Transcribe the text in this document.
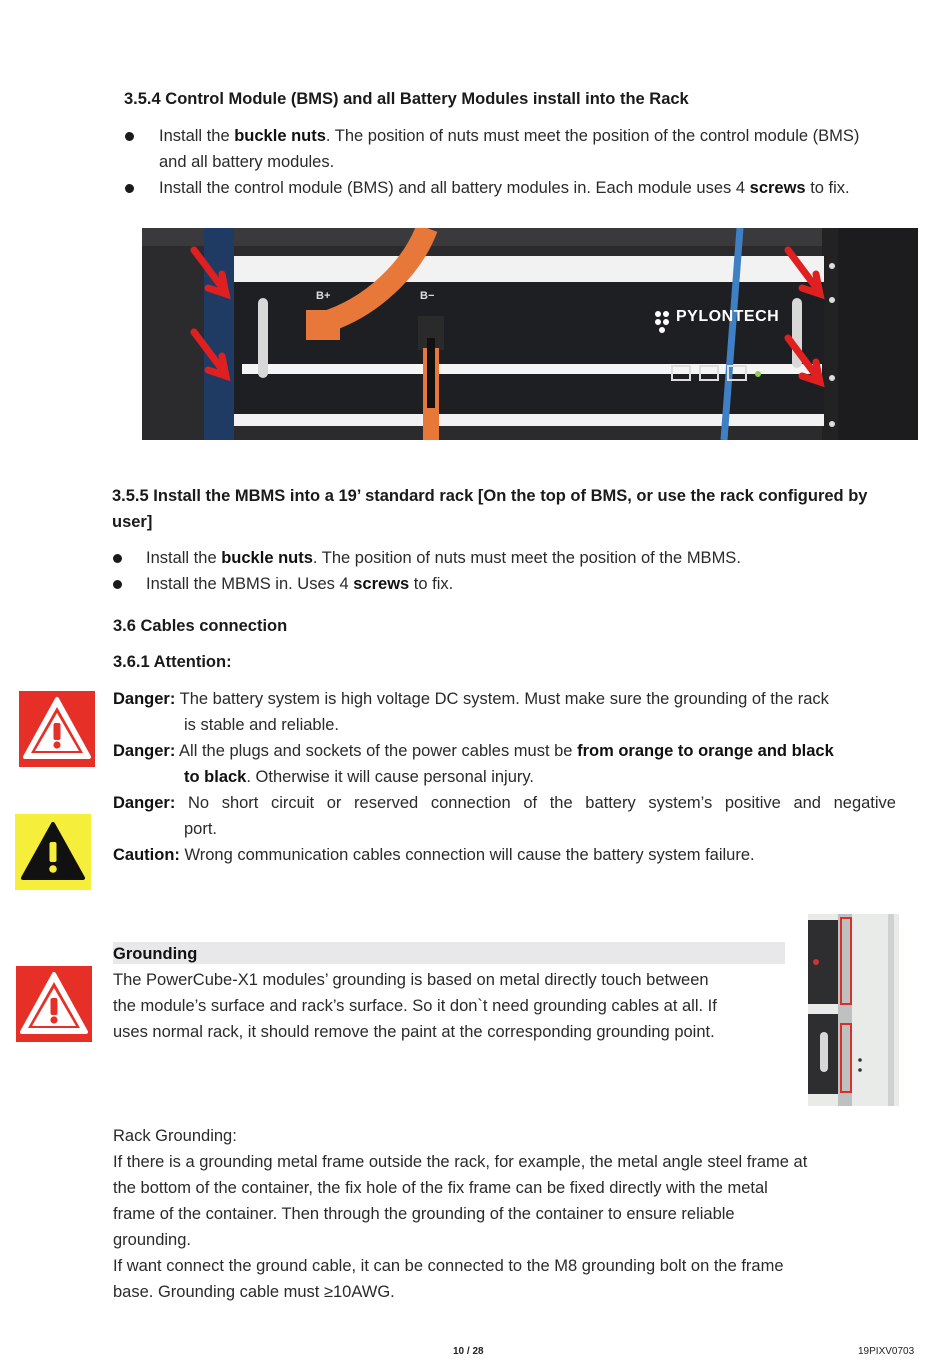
3.5.4 Control Module (BMS) and all Battery Modules install into the Rack
Install the buckle nuts. The position of nuts must meet the position of the control module (BMS)
and all battery modules.
Install the control module (BMS) and all battery modules in. Each module uses 4 screws to fix.
B+	B−
PYLONTECH
3.5.5 Install the MBMS into a 19’ standard rack [On the top of BMS, or use the rack configured by
user]
Install the buckle nuts. The position of nuts must meet the position of the MBMS.
Install the MBMS in. Uses 4 screws to fix.
3.6 Cables connection
3.6.1 Attention:
Danger: The battery system is high voltage DC system. Must make sure the grounding of the rack
is stable and reliable.
Danger: All the plugs and sockets of the power cables must be from orange to orange and black
to black. Otherwise it will cause personal injury.
Danger: No short circuit or reserved connection of the battery system’s positive and negative
port.
Caution: Wrong communication cables connection will cause the battery system failure.
Grounding
The PowerCube-X1 modules’ grounding is based on metal directly touch between
the module’s surface and rack’s surface. So it don`t need grounding cables at all. If
uses normal rack, it should remove the paint at the corresponding grounding point.
Rack Grounding:
If there is a grounding metal frame outside the rack, for example, the metal angle steel frame at
the bottom of the container, the fix hole of the fix frame can be fixed directly with the metal
frame of the container. Then through the grounding of the container to ensure reliable
grounding.
If want connect the ground cable, it can be connected to the M8 grounding bolt on the frame
base. Grounding cable must ≥10AWG.
10 / 28	19PIXV0703
